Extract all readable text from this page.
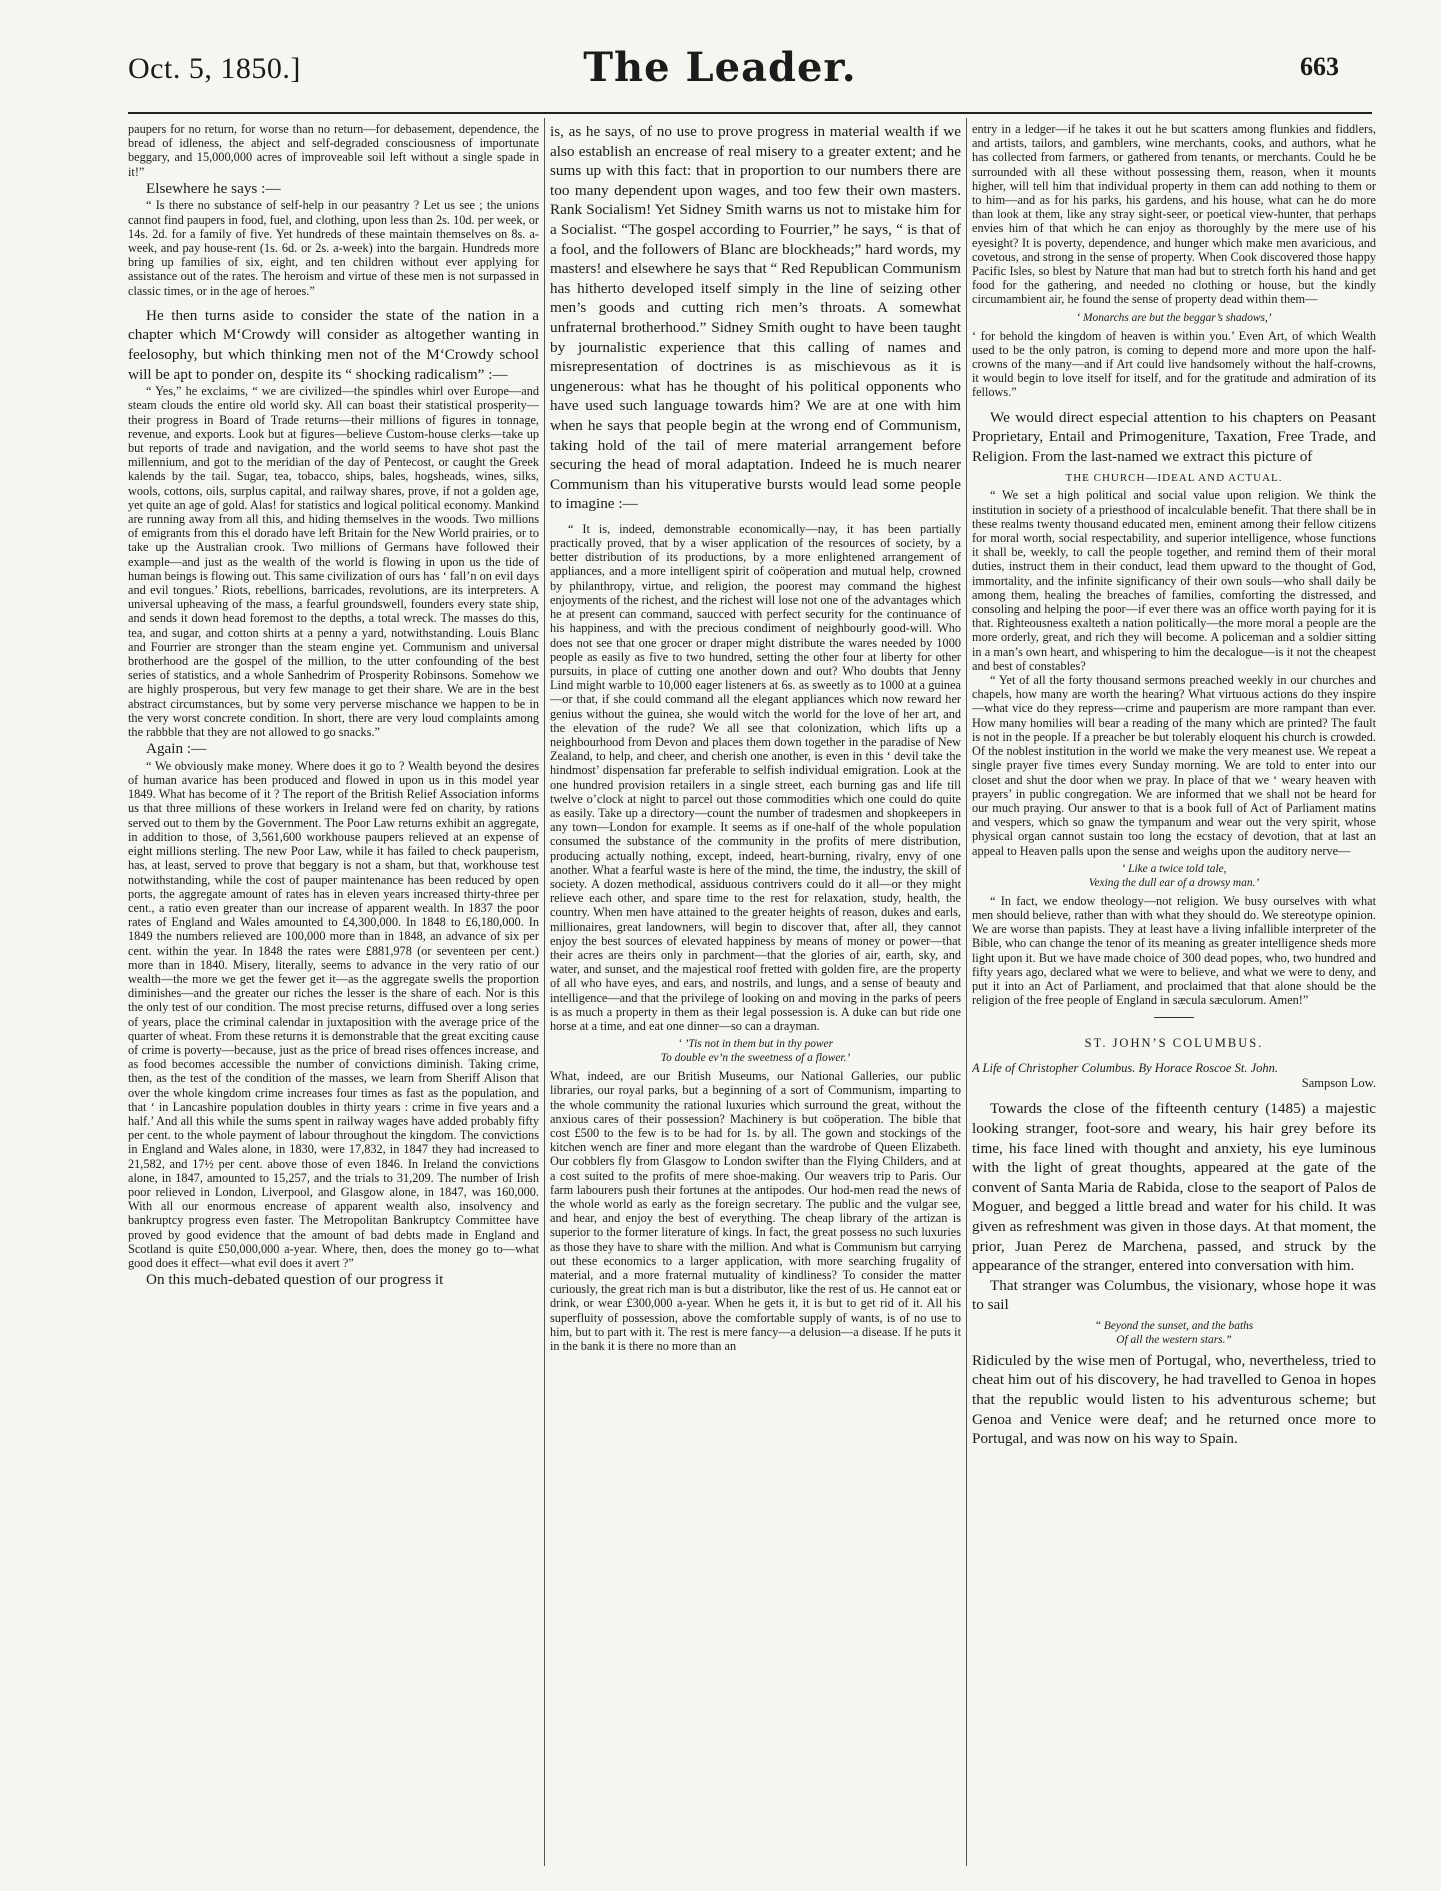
Oct. 5, 1850.]	The Leader.	663

paupers for no return, for worse than no return—for debasement, dependence, the bread of idleness, the abject and self-degraded consciousness of importunate beggary, and 15,000,000 acres of improveable soil left without a single spade in it!”

Elsewhere he says :—

“ Is there no substance of self-help in our peasantry ? Let us see ; the unions cannot find paupers in food, fuel, and clothing, upon less than 2s. 10d. per week, or 14s. 2d. for a family of five. Yet hundreds of these maintain themselves on 8s. a-week, and pay house-rent (1s. 6d. or 2s. a-week) into the bargain. Hundreds more bring up families of six, eight, and ten children without ever applying for assistance out of the rates. The heroism and virtue of these men is not surpassed in classic times, or in the age of heroes.”

He then turns aside to consider the state of the nation in a chapter which M‘Crowdy will consider as altogether wanting in feelosophy, but which thinking men not of the M‘Crowdy school will be apt to ponder on, despite its “ shocking radicalism” :—

“ Yes,” he exclaims, “ we are civilized—the spindles whirl over Europe—and steam clouds the entire old world sky. All can boast their statistical prosperity—their progress in Board of Trade returns—their millions of figures in tonnage, revenue, and exports. Look but at figures—believe Custom-house clerks—take up but reports of trade and navigation, and the world seems to have shot past the millennium, and got to the meridian of the day of Pentecost, or caught the Greek kalends by the tail. Sugar, tea, tobacco, ships, bales, hogsheads, wines, silks, wools, cottons, oils, surplus capital, and railway shares, prove, if not a golden age, yet quite an age of gold. Alas! for statistics and logical political economy. Mankind are running away from all this, and hiding themselves in the woods. Two millions of emigrants from this el dorado have left Britain for the New World prairies, or to take up the Australian crook. Two millions of Germans have followed their example—and just as the wealth of the world is flowing in upon us the tide of human beings is flowing out. This same civilization of ours has ‘ fall’n on evil days and evil tongues.’ Riots, rebellions, barricades, revolutions, are its interpreters. A universal upheaving of the mass, a fearful groundswell, founders every state ship, and sends it down head foremost to the depths, a total wreck. The masses do this, tea, and sugar, and cotton shirts at a penny a yard, notwithstanding. Louis Blanc and Fourrier are stronger than the steam engine yet. Communism and universal brotherhood are the gospel of the million, to the utter confounding of the best series of statistics, and a whole Sanhedrim of Prosperity Robinsons. Somehow we are highly prosperous, but very few manage to get their share. We are in the best abstract circumstances, but by some very perverse mischance we happen to be in the very worst concrete condition. In short, there are very loud complaints among the rabbble that they are not allowed to go snacks.”

Again :—

“ We obviously make money. Where does it go to ? Wealth beyond the desires of human avarice has been produced and flowed in upon us in this model year 1849. What has become of it ? The report of the British Relief Association informs us that three millions of these workers in Ireland were fed on charity, by rations served out to them by the Government. The Poor Law returns exhibit an aggregate, in addition to those, of 3,561,600 workhouse paupers relieved at an expense of eight millions sterling. The new Poor Law, while it has failed to check pauperism, has, at least, served to prove that beggary is not a sham, but that, workhouse test notwithstanding, while the cost of pauper maintenance has been reduced by open ports, the aggregate amount of rates has in eleven years increased thirty-three per cent., a ratio even greater than our increase of apparent wealth. In 1837 the poor rates of England and Wales amounted to £4,300,000. In 1848 to £6,180,000. In 1849 the numbers relieved are 100,000 more than in 1848, an advance of six per cent. within the year. In 1848 the rates were £881,978 (or seventeen per cent.) more than in 1840. Misery, literally, seems to advance in the very ratio of our wealth—the more we get the fewer get it—as the aggregate swells the proportion diminishes—and the greater our riches the lesser is the share of each. Nor is this the only test of our condition. The most precise returns, diffused over a long series of years, place the criminal calendar in juxtaposition with the average price of the quarter of wheat. From these returns it is demonstrable that the great exciting cause of crime is poverty—because, just as the price of bread rises offences increase, and as food becomes accessible the number of convictions diminish. Taking crime, then, as the test of the condition of the masses, we learn from Sheriff Alison that over the whole kingdom crime increases four times as fast as the population, and that ‘ in Lancashire population doubles in thirty years : crime in five years and a half.’ And all this while the sums spent in railway wages have added probably fifty per cent. to the whole payment of labour throughout the kingdom. The convictions in England and Wales alone, in 1830, were 17,832, in 1847 they had increased to 21,582, and 17½ per cent. above those of even 1846. In Ireland the convictions alone, in 1847, amounted to 15,257, and the trials to 31,209. The number of Irish poor relieved in London, Liverpool, and Glasgow alone, in 1847, was 160,000. With all our enormous encrease of apparent wealth also, insolvency and bankruptcy progress even faster. The Metropolitan Bankruptcy Committee have proved by good evidence that the amount of bad debts made in England and Scotland is quite £50,000,000 a-year. Where, then, does the money go to—what good does it effect—what evil does it avert ?”

On this much-debated question of our progress it

is, as he says, of no use to prove progress in material wealth if we also establish an encrease of real misery to a greater extent; and he sums up with this fact: that in proportion to our numbers there are too many dependent upon wages, and too few their own masters. Rank Socialism! Yet Sidney Smith warns us not to mistake him for a Socialist. “The gospel according to Fourrier,” he says, “ is that of a fool, and the followers of Blanc are blockheads;” hard words, my masters! and elsewhere he says that “ Red Republican Communism has hitherto developed itself simply in the line of seizing other men’s goods and cutting rich men’s throats. A somewhat unfraternal brotherhood.” Sidney Smith ought to have been taught by journalistic experience that this calling of names and misrepresentation of doctrines is as mischievous as it is ungenerous: what has he thought of his political opponents who have used such language towards him? We are at one with him when he says that people begin at the wrong end of Communism, taking hold of the tail of mere material arrangement before securing the head of moral adaptation. Indeed he is much nearer Communism than his vituperative bursts would lead some people to imagine :—

“ It is, indeed, demonstrable economically—nay, it has been partially practically proved, that by a wiser application of the resources of society, by a better distribution of its productions, by a more enlightened arrangement of appliances, and a more intelligent spirit of coöperation and mutual help, crowned by philanthropy, virtue, and religion, the poorest may command the highest enjoyments of the richest, and the richest will lose not one of the advantages which he at present can command, saucced with perfect security for the continuance of his happiness, and with the precious condiment of neighbourly good-will. Who does not see that one grocer or draper might distribute the wares needed by 1000 people as easily as five to two hundred, setting the other four at liberty for other pursuits, in place of cutting one another down and out? Who doubts that Jenny Lind might warble to 10,000 eager listeners at 6s. as sweetly as to 1000 at a guinea—or that, if she could command all the elegant appliances which now reward her genius without the guinea, she would witch the world for the love of her art, and the elevation of the rude? We all see that colonization, which lifts up a neighbourhood from Devon and places them down together in the paradise of New Zealand, to help, and cheer, and cherish one another, is even in this ‘ devil take the hindmost’ dispensation far preferable to selfish individual emigration. Look at the one hundred provision retailers in a single street, each burning gas and life till twelve o’clock at night to parcel out those commodities which one could do quite as easily. Take up a directory—count the number of tradesmen and shopkeepers in any town—London for example. It seems as if one-half of the whole population consumed the substance of the community in the profits of mere distribution, producing actually nothing, except, indeed, heart-burning, rivalry, envy of one another. What a fearful waste is here of the mind, the time, the industry, the skill of society. A dozen methodical, assiduous contrivers could do it all—or they might relieve each other, and spare time to the rest for relaxation, study, health, the country. When men have attained to the greater heights of reason, dukes and earls, millionaires, great landowners, will begin to discover that, after all, they cannot enjoy the best sources of elevated happiness by means of money or power—that their acres are theirs only in parchment—that the glories of air, earth, sky, and water, and sunset, and the majestical roof fretted with golden fire, are the property of all who have eyes, and ears, and nostrils, and lungs, and a sense of beauty and intelligence—and that the privilege of looking on and moving in the parks of peers is as much a property in them as their legal possession is. A duke can but ride one horse at a time, and eat one dinner—so can a drayman.

‘ ’Tis not in them but in thy power

To double ev’n the sweetness of a flower.’

What, indeed, are our British Museums, our National Galleries, our public libraries, our royal parks, but a beginning of a sort of Communism, imparting to the whole community the rational luxuries which surround the great, without the anxious cares of their possession? Machinery is but coöperation. The bible that cost £500 to the few is to be had for 1s. by all. The gown and stockings of the kitchen wench are finer and more elegant than the wardrobe of Queen Elizabeth. Our cobblers fly from Glasgow to London swifter than the Flying Childers, and at a cost suited to the profits of mere shoe-making. Our weavers trip to Paris. Our farm labourers push their fortunes at the antipodes. Our hod-men read the news of the whole world as early as the foreign secretary. The public and the vulgar see, and hear, and enjoy the best of everything. The cheap library of the artizan is superior to the former literature of kings. In fact, the great possess no such luxuries as those they have to share with the million. And what is Communism but carrying out these economics to a larger application, with more searching frugality of material, and a more fraternal mutuality of kindliness? To consider the matter curiously, the great rich man is but a distributor, like the rest of us. He cannot eat or drink, or wear £300,000 a-year. When he gets it, it is but to get rid of it. All his superfluity of possession, above the comfortable supply of wants, is of no use to him, but to part with it. The rest is mere fancy—a delusion—a disease. If he puts it in the bank it is there no more than an

entry in a ledger—if he takes it out he but scatters among flunkies and fiddlers, and artists, tailors, and gamblers, wine merchants, cooks, and authors, what he has collected from farmers, or gathered from tenants, or merchants. Could he be surrounded with all these without possessing them, reason, when it mounts higher, will tell him that individual property in them can add nothing to them or to him—and as for his parks, his gardens, and his house, what can he do more than look at them, like any stray sight-seer, or poetical view-hunter, that perhaps envies him of that which he can enjoy as thoroughly by the mere use of his eyesight? It is poverty, dependence, and hunger which make men avaricious, and covetous, and strong in the sense of property. When Cook discovered those happy Pacific Isles, so blest by Nature that man had but to stretch forth his hand and get food for the gathering, and needed no clothing or house, but the kindly circumambient air, he found the sense of property dead within them—

‘ Monarchs are but the beggar’s shadows,’

‘ for behold the kingdom of heaven is within you.’ Even Art, of which Wealth used to be the only patron, is coming to depend more and more upon the half-crowns of the many—and if Art could live handsomely without the half-crowns, it would begin to love itself for itself, and for the gratitude and admiration of its fellows.”

We would direct especial attention to his chapters on Peasant Proprietary, Entail and Primogeniture, Taxation, Free Trade, and Religion. From the last-named we extract this picture of

THE CHURCH—IDEAL AND ACTUAL.

“ We set a high political and social value upon religion. We think the institution in society of a priesthood of incalculable benefit. That there shall be in these realms twenty thousand educated men, eminent among their fellow citizens for moral worth, social respectability, and superior intelligence, whose functions it shall be, weekly, to call the people together, and remind them of their moral duties, instruct them in their conduct, lead them upward to the thought of God, immortality, and the infinite significancy of their own souls—who shall daily be among them, healing the breaches of families, comforting the distressed, and consoling and helping the poor—if ever there was an office worth paying for it is that. Righteousness exalteth a nation politically—the more moral a people are the more orderly, great, and rich they will become. A policeman and a soldier sitting in a man’s own heart, and whispering to him the decalogue—is it not the cheapest and best of constables?

“ Yet of all the forty thousand sermons preached weekly in our churches and chapels, how many are worth the hearing? What virtuous actions do they inspire—what vice do they repress—crime and pauperism are more rampant than ever. How many homilies will bear a reading of the many which are printed? The fault is not in the people. If a preacher be but tolerably eloquent his church is crowded. Of the noblest institution in the world we make the very meanest use. We repeat a single prayer five times every Sunday morning. We are told to enter into our closet and shut the door when we pray. In place of that we ‘ weary heaven with prayers’ in public congregation. We are informed that we shall not be heard for our much praying. Our answer to that is a book full of Act of Parliament matins and vespers, which so gnaw the tympanum and wear out the very spirit, whose physical organ cannot sustain too long the ecstacy of devotion, that at last an appeal to Heaven palls upon the sense and weighs upon the auditory nerve—

‘ Like a twice told tale,

Vexing the dull ear of a drowsy man.’

“ In fact, we endow theology—not religion. We busy ourselves with what men should believe, rather than with what they should do. We stereotype opinion. We are worse than papists. They at least have a living infallible interpreter of the Bible, who can change the tenor of its meaning as greater intelligence sheds more light upon it. But we have made choice of 300 dead popes, who, two hundred and fifty years ago, declared what we were to believe, and what we were to deny, and put it into an Act of Parliament, and proclaimed that that alone should be the religion of the free people of England in sæcula sæculorum. Amen!”

ST. JOHN’S COLUMBUS.
A Life of Christopher Columbus. By Horace Roscoe St. John.
Sampson Low.

Towards the close of the fifteenth century (1485) a majestic looking stranger, foot-sore and weary, his hair grey before its time, his face lined with thought and anxiety, his eye luminous with the light of great thoughts, appeared at the gate of the convent of Santa Maria de Rabida, close to the seaport of Palos de Moguer, and begged a little bread and water for his child. It was given as refreshment was given in those days. At that moment, the prior, Juan Perez de Marchena, passed, and struck by the appearance of the stranger, entered into conversation with him.

That stranger was Columbus, the visionary, whose hope it was to sail

“ Beyond the sunset, and the baths

Of all the western stars.”

Ridiculed by the wise men of Portugal, who, nevertheless, tried to cheat him out of his discovery, he had travelled to Genoa in hopes that the republic would listen to his adventurous scheme; but Genoa and Venice were deaf; and he returned once more to Portugal, and was now on his way to Spain.
